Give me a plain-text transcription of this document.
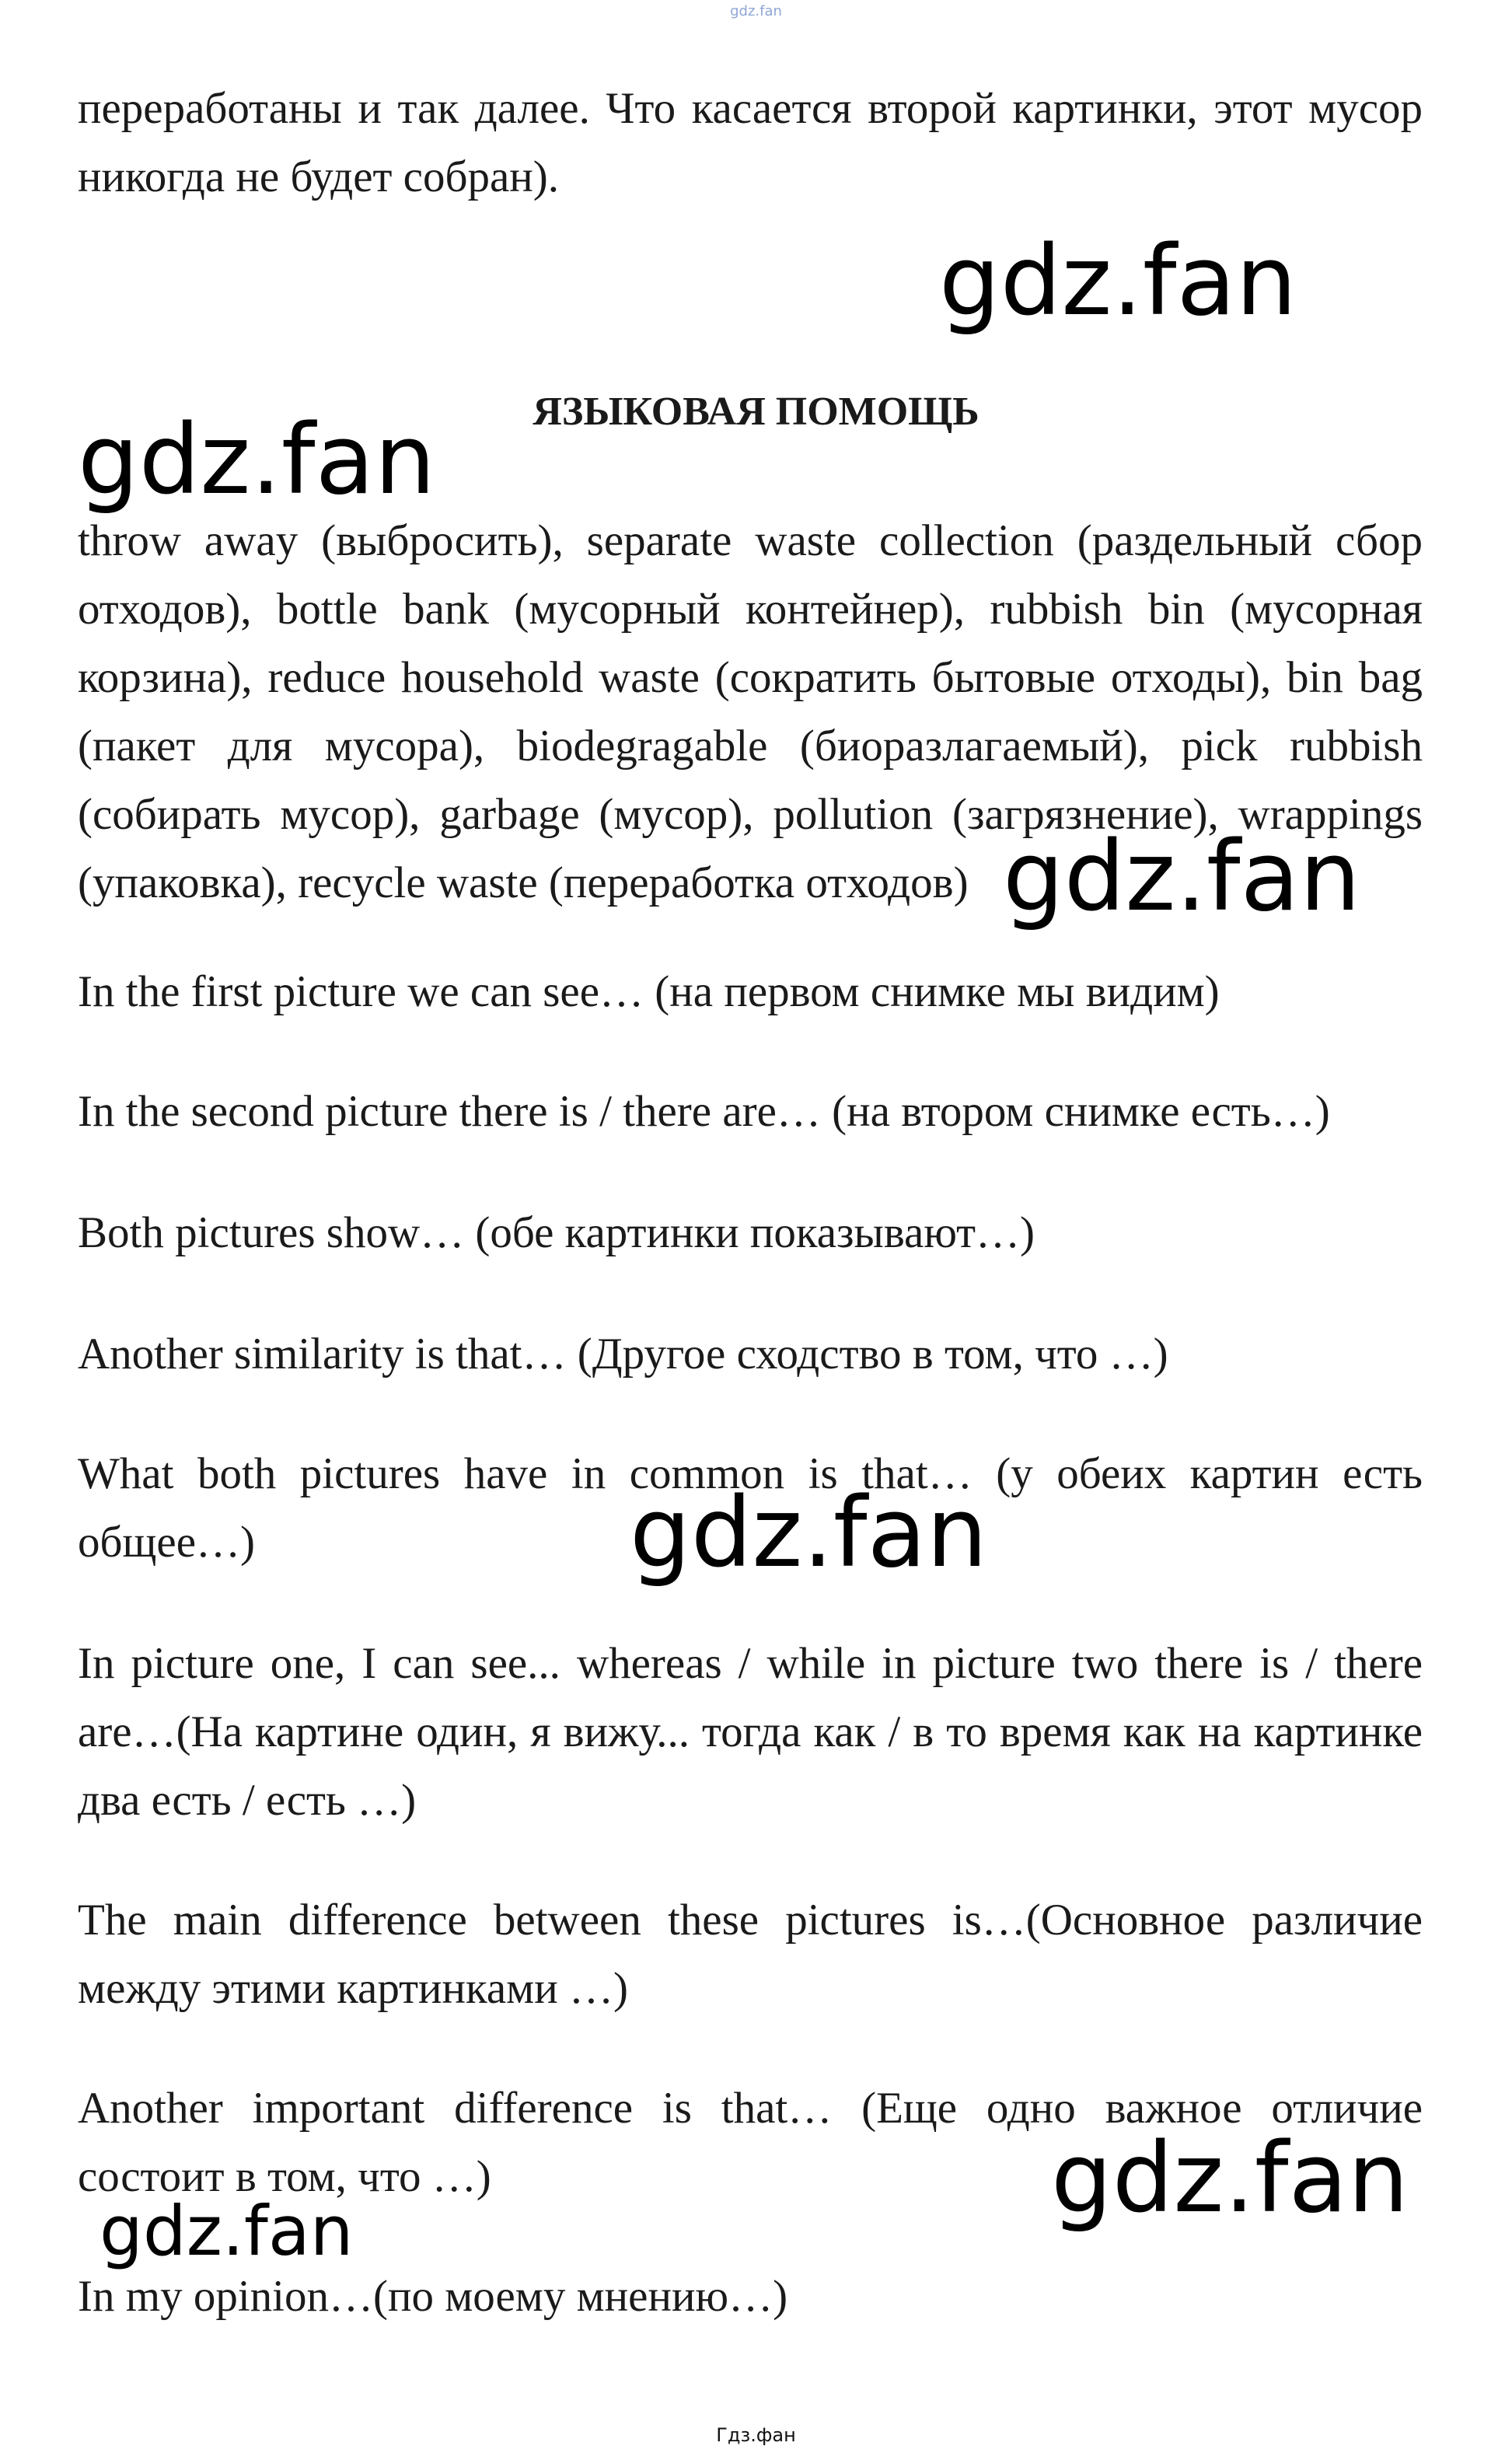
gdz.fan

переработаны и так далее. Что касается второй картинки, этот мусор никогда не будет собран).

gdz.fan
ЯЗЫКОВАЯ ПОМОЩЬ
gdz.fan

throw away (выбросить), separate waste collection (раздельный сбор отходов), bottle bank (мусорный контейнер), rubbish bin (мусорная корзина), reduce household waste (сократить бытовые отходы), bin bag (пакет для мусора), biodegragable (биоразлагаемый), pick rubbish (собирать мусор), garbage (мусор), pollution (загрязнение), wrappings (упаковка), recycle waste (переработка отходов) gdz.fan

In the first picture we can see… (на первом снимке мы видим)

In the second picture there is / there are… (на втором снимке есть…)

Both pictures show… (обе картинки показывают…)

Another similarity is that… (Другое сходство в том, что …)

What both pictures have in common is that… (у обеих картин есть общее…)	gdz.fan

In picture one, I can see... whereas / while in picture two there is / there are…(На картине один, я вижу... тогда как / в то время как на картинке два есть / есть …)

The main difference between these pictures is…(Основное различие между этими картинками …)

Another important difference is that… (Еще одно важное отличие состоит в том, что …)	gdz.fan
gdz.fan

In my opinion…(по моему мнению…)

Гдз.фан
